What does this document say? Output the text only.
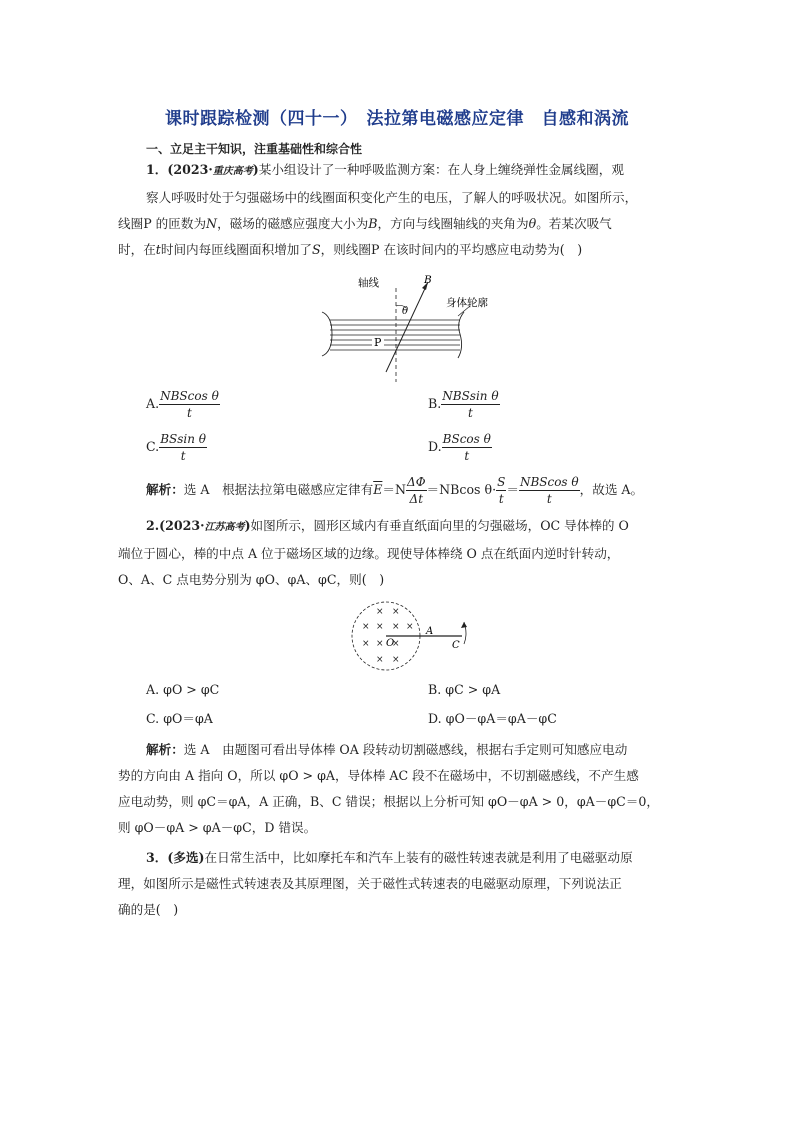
课时跟踪检测（四十一）　法拉第电磁感应定律　自感和涡流
一、立足主干知识，注重基础性和综合性
1．(2023·重庆高考)某小组设计了一种呼吸监测方案：在人身上缠绕弹性金属线圈，观
察人呼吸时处于匀强磁场中的线圈面积变化产生的电压，了解人的呼吸状况。如图所示，
线圈P 的匝数为N，磁场的磁感应强度大小为B，方向与线圈轴线的夹角为θ。若某次吸气
时，在t时间内每匝线圈面积增加了S，则线圈P 在该时间内的平均感应电动势为(　)
P
轴线	B
θ
身体轮廓
A. $\frac{\text{NBScos θ}}{t}$	B. $\frac{\text{NBSsin θ}}{t}$
C. $\frac{\text{BSsin θ}}{t}$	D. $\frac{\text{BScos θ}}{t}$
解析：选 A　根据法拉第电磁感应定律有$\overline{E}=N \frac{\Delta\Phi}{\Delta t} =NBcos$ $\theta\cdot \frac{S}{t} = \frac{\text{NBScos θ}}{t}$ ，故选 A。
2.(2023·江苏高考)如图所示，圆形区域内有垂直纸面向里的匀强磁场，OC 导体棒的 O
端位于圆心，棒的中点 A 位于磁场区域的边缘。现使导体棒绕 O 点在纸面内逆时针转动，
O、A、C 点电势分别为 φO、φA、φC，则(　)
× ×
× × × ×
× × ×
× ×
O
A
C
A. φO > φC	B. φC > φA
C. φO＝φA	D. φO－φA＝φA－φC
解析：选 A　由题图可看出导体棒 OA 段转动切割磁感线，根据右手定则可知感应电动
势的方向由 A 指向 O，所以 φO > φA，导体棒 AC 段不在磁场中，不切割磁感线，不产生感
应电动势，则 φC＝φA，A 正确，B、C 错误；根据以上分析可知 φO－φA > 0，φA－φC＝0，
则 φO－φA > φA－φC，D 错误。
3．(多选)在日常生活中，比如摩托车和汽车上装有的磁性转速表就是利用了电磁驱动原
理，如图所示是磁性式转速表及其原理图，关于磁性式转速表的电磁驱动原理，下列说法正
确的是(　)
